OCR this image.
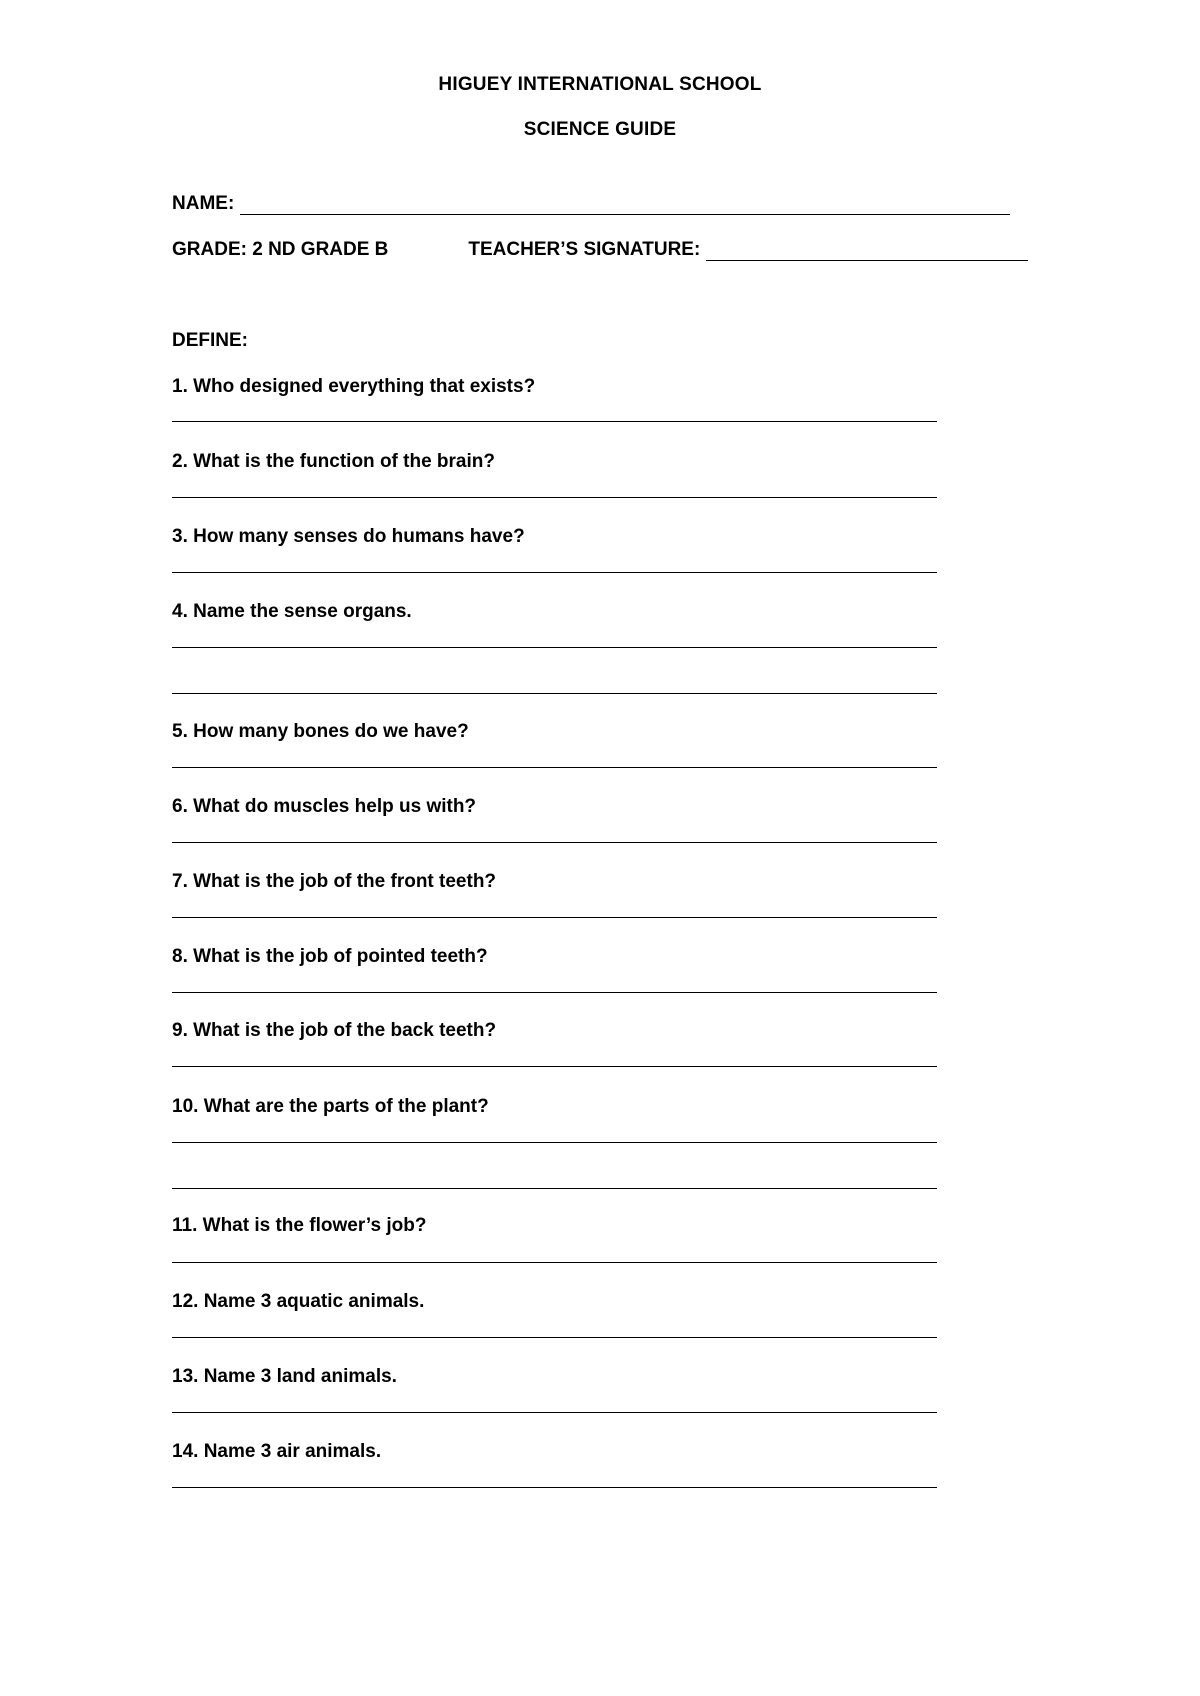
HIGUEY INTERNATIONAL SCHOOL
SCIENCE GUIDE
NAME:
GRADE: 2 ND GRADE B	TEACHER’S SIGNATURE:
DEFINE:
1. Who designed everything that exists?
2. What is the function of the brain?
3. How many senses do humans have?
4. Name the sense organs.
5. How many bones do we have?
6. What do muscles help us with?
7. What is the job of the front teeth?
8. What is the job of pointed teeth?
9. What is the job of the back teeth?
10. What are the parts of the plant?
11. What is the flower’s job?
12. Name 3 aquatic animals.
13. Name 3 land animals.
14. Name 3 air animals.
